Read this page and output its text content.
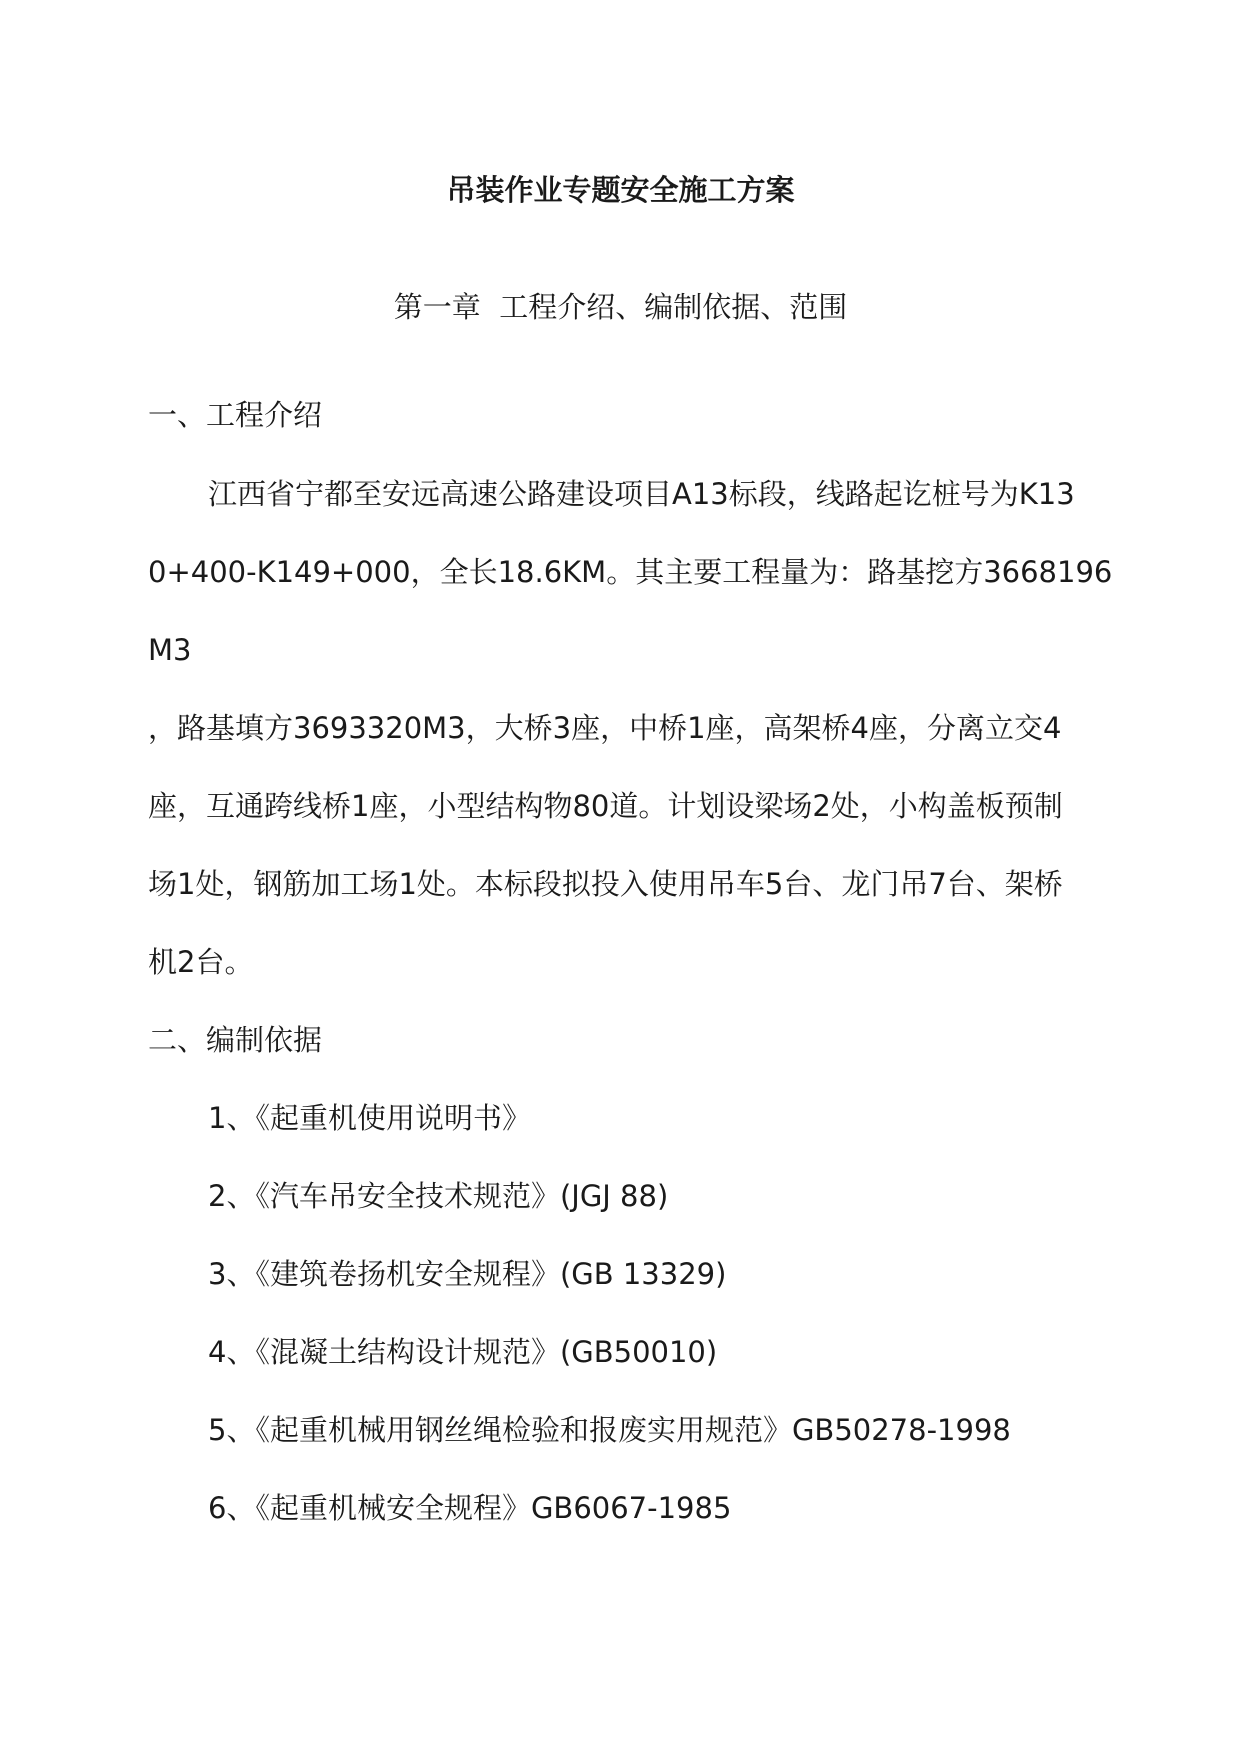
吊装作业专题安全施工方案
第一章  工程介绍、编制依据、范围
一、工程介绍
江西省宁都至安远高速公路建设项目A13标段，线路起讫桩号为K13
0+400-K149+000，全长18.6KM。其主要工程量为：路基挖方3668196
M3
，路基填方3693320M3，大桥3座，中桥1座，高架桥4座，分离立交4
座，互通跨线桥1座，小型结构物80道。计划设梁场2处，小构盖板预制
场1处，钢筋加工场1处。本标段拟投入使用吊车5台、龙门吊7台、架桥
机2台。
二、编制依据
1、《起重机使用说明书》
2、《汽车吊安全技术规范》(JGJ 88)
3、《建筑卷扬机安全规程》(GB 13329)
4、《混凝土结构设计规范》(GB50010)
5、《起重机械用钢丝绳检验和报废实用规范》GB50278-1998
6、《起重机械安全规程》GB6067-1985
